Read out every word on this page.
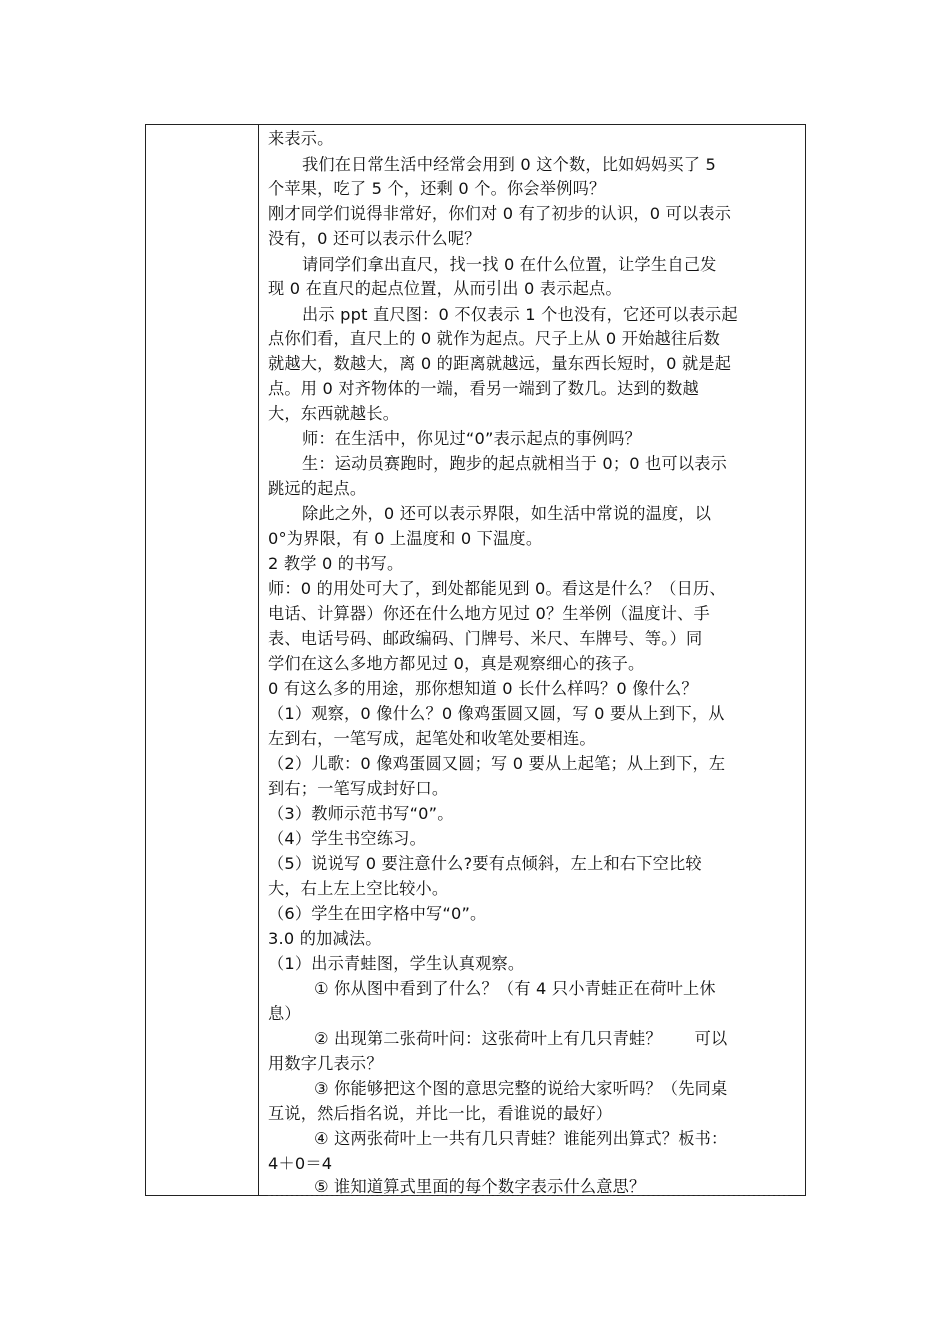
来表示。
我们在日常生活中经常会用到 0 这个数，比如妈妈买了 5
个苹果，吃了 5 个，还剩 0 个。你会举例吗？
刚才同学们说得非常好，你们对 0 有了初步的认识，0 可以表示
没有，0 还可以表示什么呢？
请同学们拿出直尺，找一找 0 在什么位置，让学生自己发
现 0 在直尺的起点位置，从而引出 0 表示起点。
出示 ppt 直尺图：0 不仅表示 1 个也没有，它还可以表示起
点你们看，直尺上的 0 就作为起点。尺子上从 0 开始越往后数
就越大，数越大，离 0 的距离就越远，量东西长短时，0 就是起
点。用 0 对齐物体的一端，看另一端到了数几。达到的数越
大，东西就越长。
师：在生活中，你见过“0”表示起点的事例吗？
生：运动员赛跑时，跑步的起点就相当于 0；0 也可以表示
跳远的起点。
除此之外，0 还可以表示界限，如生活中常说的温度，以
0°为界限，有 0 上温度和 0 下温度。
2 教学 0 的书写。
师：0 的用处可大了，到处都能见到 0。看这是什么？（日历、
电话、计算器）你还在什么地方见过 0？生举例（温度计、手
表、电话号码、邮政编码、门牌号、米尺、车牌号、等。）同
学们在这么多地方都见过 0，真是观察细心的孩子。
0 有这么多的用途，那你想知道 0 长什么样吗？0 像什么？
（1）观察，0 像什么？0 像鸡蛋圆又圆，写 0 要从上到下，从
左到右，一笔写成，起笔处和收笔处要相连。
（2）儿歌：0 像鸡蛋圆又圆；写 0 要从上起笔；从上到下，左
到右；一笔写成封好口。
（3）教师示范书写“0”。
（4）学生书空练习。
（5）说说写 0 要注意什么?要有点倾斜，左上和右下空比较
大，右上左上空比较小。
（6）学生在田字格中写“0”。
3.0 的加减法。
（1）出示青蛙图，学生认真观察。
① 你从图中看到了什么？（有 4 只小青蛙正在荷叶上休
息）
② 出现第二张荷叶问：这张荷叶上有几只青蛙？　　可以
用数字几表示？
③ 你能够把这个图的意思完整的说给大家听吗？（先同桌
互说，然后指名说，并比一比，看谁说的最好）
④ 这两张荷叶上一共有几只青蛙？谁能列出算式？板书：
4＋0＝4
⑤ 谁知道算式里面的每个数字表示什么意思？
